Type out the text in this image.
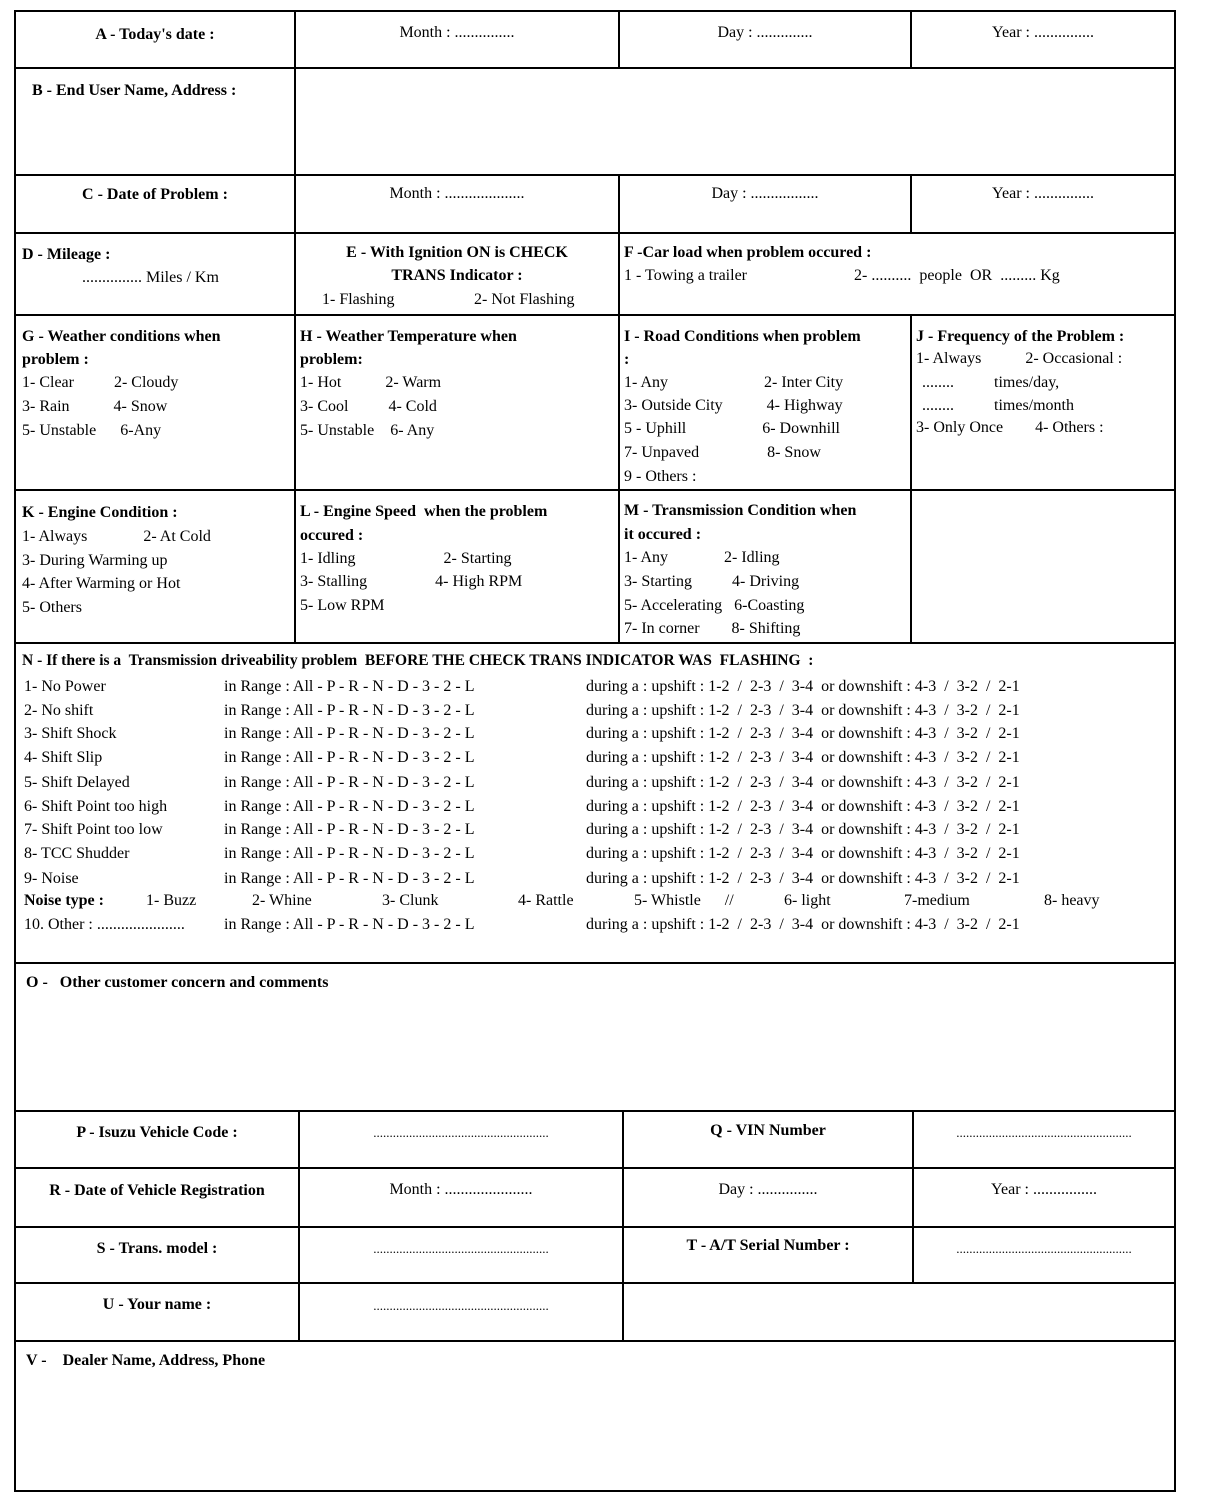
A - Today's date :	Month : ...............	Day : ..............	Year : ...............
B - End User Name, Address :
C - Date of Problem :	Month : ....................	Day : .................	Year : ...............
D - Mileage :
............... Miles / Km
E - With Ignition ON is CHECK
TRANS Indicator :
1- Flashing	2- Not Flashing
F -Car load when problem occured :
1 - Towing a trailer	2- ..........  people  OR  ......... Kg
G - Weather conditions when
problem :
1- Clear          2- Cloudy
3- Rain           4- Snow
5- Unstable      6-Any
H - Weather Temperature when
problem:
1- Hot           2- Warm
3- Cool          4- Cold
5- Unstable    6- Any
I - Road Conditions when problem
:
1- Any                        2- Inter City
3- Outside City           4- Highway
5 - Uphill                   6- Downhill
7- Unpaved                 8- Snow
9 - Others :
J - Frequency of the Problem :
1- Always           2- Occasional :
........          times/day,
........          times/month
3- Only Once        4- Others :
K - Engine Condition :
1- Always              2- At Cold
3- During Warming up
4- After Warming or Hot
5- Others
L - Engine Speed  when the problem
occured :
1- Idling                      2- Starting
3- Stalling                 4- High RPM
5- Low RPM
M - Transmission Condition when
it occured :
1- Any              2- Idling
3- Starting          4- Driving
5- Accelerating   6-Coasting
7- In corner        8- Shifting
N - If there is a  Transmission driveability problem  BEFORE THE CHECK TRANS INDICATOR WAS  FLASHING  :
1- No Power	in Range : All - P - R - N - D - 3 - 2 - L	during a : upshift : 1-2  /  2-3  /  3-4  or downshift : 4-3  /  3-2  /  2-1
2- No shift	in Range : All - P - R - N - D - 3 - 2 - L	during a : upshift : 1-2  /  2-3  /  3-4  or downshift : 4-3  /  3-2  /  2-1
3- Shift Shock	in Range : All - P - R - N - D - 3 - 2 - L	during a : upshift : 1-2  /  2-3  /  3-4  or downshift : 4-3  /  3-2  /  2-1
4- Shift Slip	in Range : All - P - R - N - D - 3 - 2 - L	during a : upshift : 1-2  /  2-3  /  3-4  or downshift : 4-3  /  3-2  /  2-1
5- Shift Delayed	in Range : All - P - R - N - D - 3 - 2 - L	during a : upshift : 1-2  /  2-3  /  3-4  or downshift : 4-3  /  3-2  /  2-1
6- Shift Point too high	in Range : All - P - R - N - D - 3 - 2 - L	during a : upshift : 1-2  /  2-3  /  3-4  or downshift : 4-3  /  3-2  /  2-1
7- Shift Point too low	in Range : All - P - R - N - D - 3 - 2 - L	during a : upshift : 1-2  /  2-3  /  3-4  or downshift : 4-3  /  3-2  /  2-1
8- TCC Shudder	in Range : All - P - R - N - D - 3 - 2 - L	during a : upshift : 1-2  /  2-3  /  3-4  or downshift : 4-3  /  3-2  /  2-1
9- Noise	in Range : All - P - R - N - D - 3 - 2 - L	during a : upshift : 1-2  /  2-3  /  3-4  or downshift : 4-3  /  3-2  /  2-1

Noise type :

	1- Buzz

	2- Whine

	3- Clunk

	4- Rattle

	5- Whistle      //

	6- light

	7-medium

	8- heavy

10. Other : ...................... in Range : All - P - R - N - D - 3 - 2 - L	during a : upshift : 1-2  /  2-3  /  3-4  or downshift : 4-3  /  3-2  /  2-1
O -   Other customer concern and comments
P - Isuzu Vehicle Code :	......................................................	Q - VIN Number	......................................................
R - Date of Vehicle Registration	Month : ......................	Day : ...............	Year : ................
S - Trans. model :	......................................................	T - A/T Serial Number :	......................................................
U - Your name :	......................................................
V -    Dealer Name, Address, Phone
